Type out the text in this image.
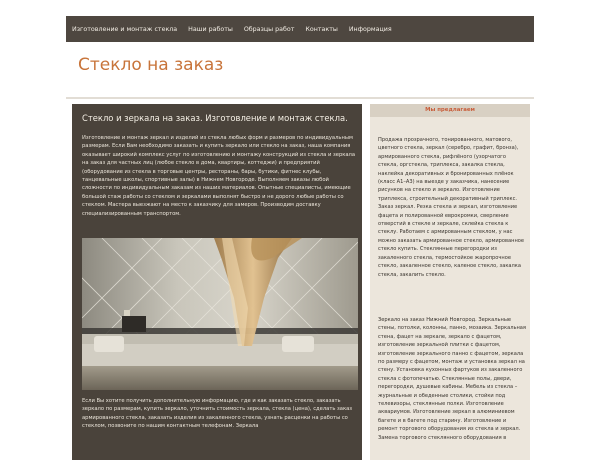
Изготовление и монтаж стекла Наши работы Образцы работ Контакты Информация
Стекло на заказ
Стекло и зеркала на заказ. Изготовление и монтаж стекла.

Изготовление и монтаж зеркал и изделий из стекла любых форм и размеров по индивидуальным размерам. Если Вам необходимо заказать и купить зеркало или стекло на заказ, наша компания оказывает широкий комплекс услуг по изготовлению и монтажу конструкций из стекла и зеркала на заказ для частных лиц (любое стекло в дома, квартиры, коттеджи) и предприятий (оборудование из стекла в торговые центры, рестораны, бары, бутики, фитнес клубы, танцевальные школы, спортивные залы) в Нижнем Новгороде. Выполняем заказы любой сложности по индивидуальным заказам из наших материалов. Опытные специалисты, имеющие большой стаж работы со стеклом и зеркалами выполнят быстро и не дорого любые работы со стеклом. Мастера выезжают на место к заказчику для замеров. Производим доставку специализированным транспортом.

Если Вы хотите получить дополнительную информацию, где и как заказать стекло, заказать зеркало по размерам, купить зеркало, уточнить стоимость зеркала, стекла (цена), сделать заказ армированного стекла, заказать изделия из закаленного стекла, узнать расценки на работы со стеклом, позвоните по нашим контактным телефонам. Зеркала

Мы предлагаем

Продажа прозрачного, тонированного, матового, цветного стекла, зеркал (серебро, графит, бронза), армированного стекла, рифлёного (узорчатого стекла, оргстекла, триплекса, закалка стекла, наклейка декоративных и бронированных плёнок (класс А1–А3) на выезде у заказчика, нанесение рисунков на стекло и зеркало. Изготовление триплекса, строительный декоративный триплекс. Заказ зеркал. Резка стекла и зеркал, изготовление фацета и полированной еврокромки, сверление отверстий в стекле и зеркале, склейка стекла к стеклу. Работаем с армированным стеклом, у нас можно заказать армированное стекло, армированное стекло купить. Стеклянные перегородки из закаленного стекла, термостойкое жаропрочное стекло, закаленное стекло, каленое стекло, закалка стекла, закалить стекло.

Зеркало на заказ Нижний Новгород. Зеркальные стены, потолки, колонны, панно, мозаика. Зеркальная стена, фацет на зеркале, зеркало с фацетом, изготовление зеркальной плитки с фацетом, изготовление зеркального панно с фацетом, зеркала по размеру с фацетом, монтаж и установка зеркал на стену. Установка кухонных фартуков из закаленного стекла с фотопечатью. Стеклянные полы, двери, перегородки, душевые кабины. Мебель из стекла – журнальные и обеденные столики, стойки под телевизоры, стеклянные полки. Изготовление аквариумов. Изготовление зеркал в алюминиевом багете и в багете под старину. Изготовление и ремонт торгового оборудования из стекла и зеркал. Замена торгового стеклянного оборудования в
